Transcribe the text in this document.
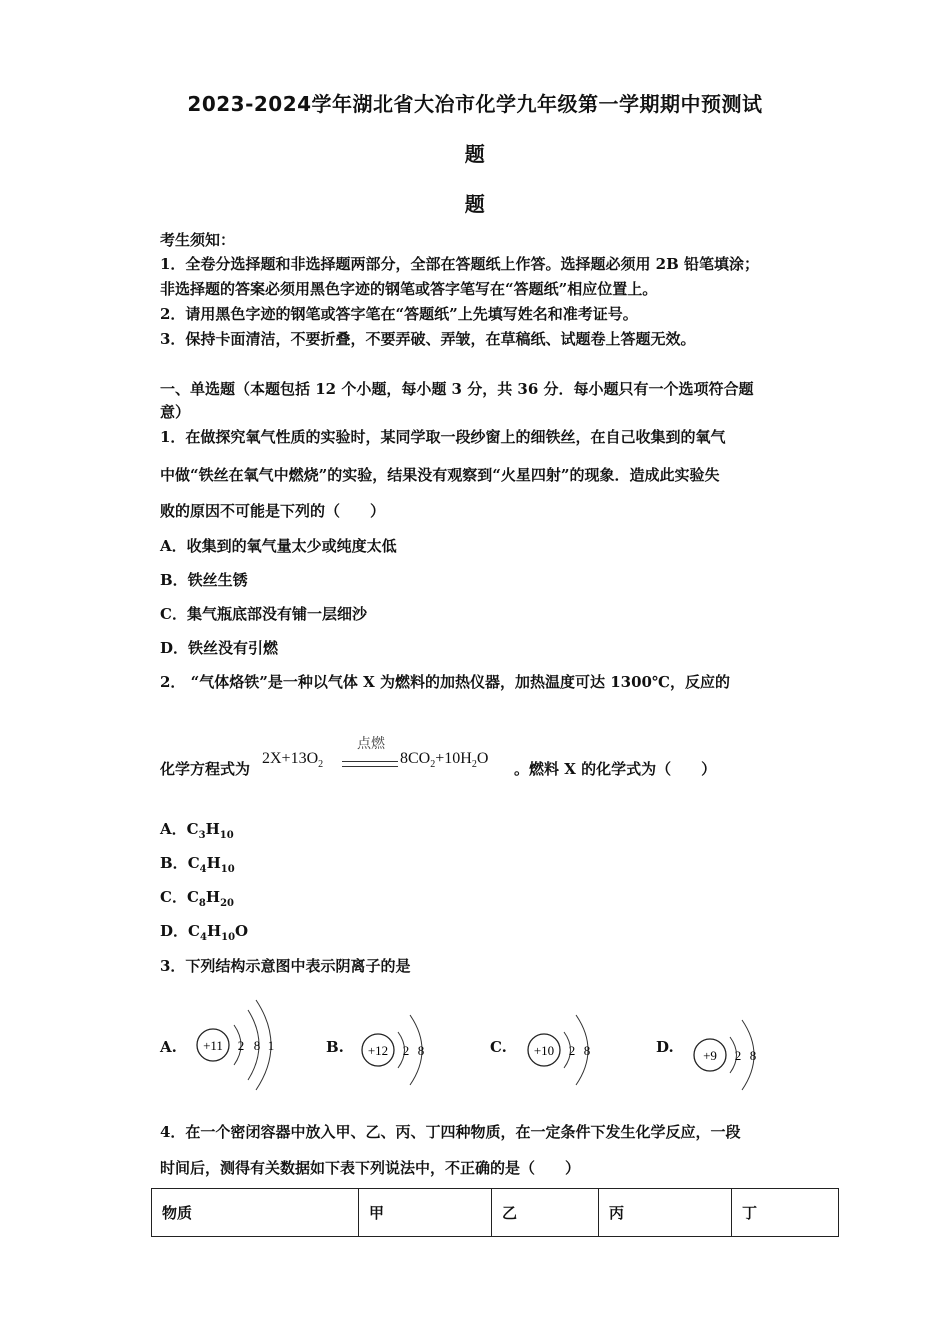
2023-2024学年湖北省大冶市化学九年级第一学期期中预测试
题
题
考生须知：
1．全卷分选择题和非选择题两部分，全部在答题纸上作答。选择题必须用 2B 铅笔填涂；
非选择题的答案必须用黑色字迹的钢笔或答字笔写在“答题纸”相应位置上。
2．请用黑色字迹的钢笔或答字笔在“答题纸”上先填写姓名和准考证号。
3．保持卡面清洁，不要折叠，不要弄破、弄皱，在草稿纸、试题卷上答题无效。
一、单选题（本题包括 12 个小题，每小题 3 分，共 36 分．每小题只有一个选项符合题
意）
1．在做探究氧气性质的实验时，某同学取一段纱窗上的细铁丝，在自己收集到的氧气
中做“铁丝在氧气中燃烧”的实验，结果没有观察到“火星四射”的现象．造成此实验失
败的原因不可能是下列的（　　）
A．收集到的氧气量太少或纯度太低
B．铁丝生锈
C．集气瓶底部没有铺一层细沙
D．铁丝没有引燃
2． “气体烙铁”是一种以气体 X 为燃料的加热仪器，加热温度可达 1300℃，反应的
化学方程式为
$2X+13O_2$
点燃
$8CO_2+10H_2O$
。燃料 X 的化学式为（　　）
A．$C_3H_{10}$
B．$C_4H_{10}$
C．$C_8H_{20}$
D．$C_4H_{10}O$
3．下列结构示意图中表示阴离子的是
A. +11 2 8 1	B. +12 2 8	C. +10 2 8	D. +9 2 8
4．在一个密闭容器中放入甲、乙、丙、丁四种物质，在一定条件下发生化学反应，一段
时间后，测得有关数据如下表下列说法中，不正确的是（　　）
物质	甲	乙	丙	丁
